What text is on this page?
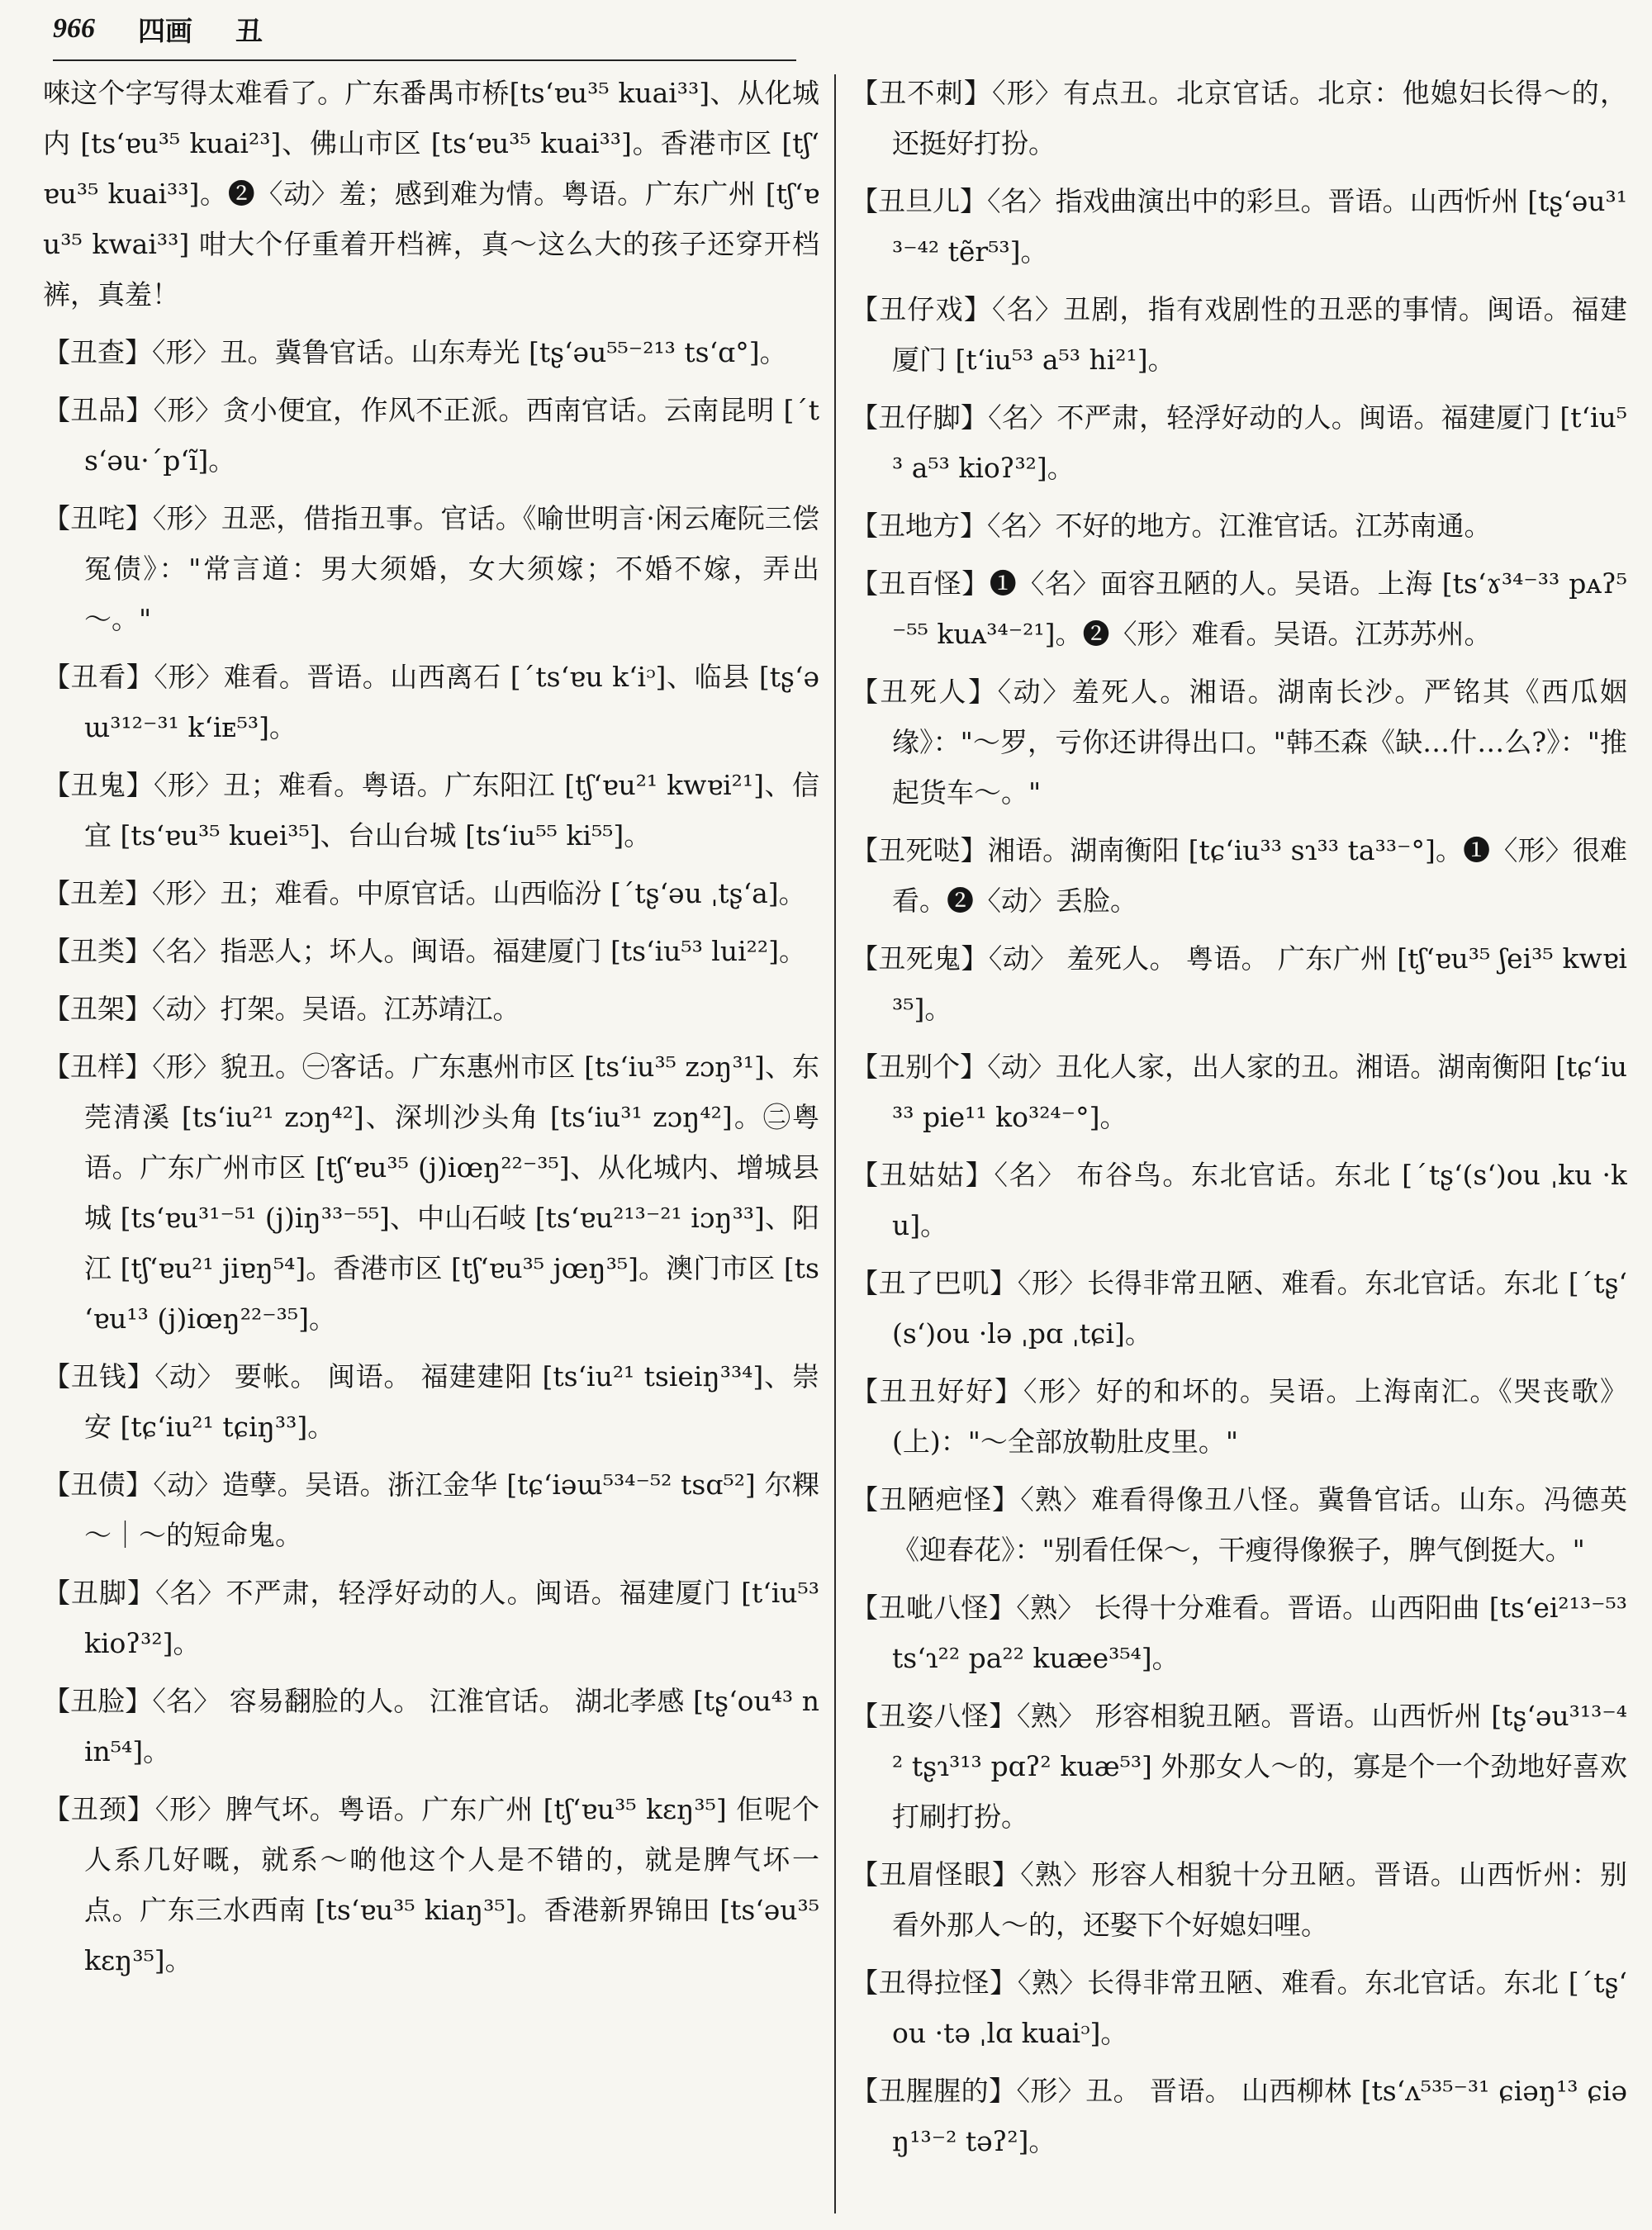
966 四画 丑

唻这个字写得太难看了。广东番禺市桥[tsʻɐu³⁵ kuai³³]、从化城内 [tsʻɐu³⁵ kuai²³]、佛山市区 [tsʻɐu³⁵ kuai³³]。香港市区 [tʃʻɐu³⁵ kuai³³]。❷〈动〉羞；感到难为情。粤语。广东广州 [tʃʻɐu³⁵ kwai³³] 咁大个仔重着开档裤，真～这么大的孩子还穿开档裤，真羞！

【丑查】〈形〉丑。冀鲁官话。山东寿光 [tʂʻəu⁵⁵⁻²¹³ tsʻɑ°]。

【丑品】〈形〉贪小便宜，作风不正派。西南官话。云南昆明 [ˊtsʻəu·ˊpʻĩ]。

【丑咤】〈形〉丑恶，借指丑事。官话。《喻世明言·闲云庵阮三偿冤债》："常言道：男大须婚，女大须嫁；不婚不嫁，弄出～。"

【丑看】〈形〉难看。晋语。山西离石 [ˊtsʻɐu kʻiᵓ]、临县 [tʂʻəɯ³¹²⁻³¹ kʻiᴇ⁵³]。

【丑鬼】〈形〉丑；难看。粤语。广东阳江 [tʃʻɐu²¹ kwɐi²¹]、信宜 [tsʻɐu³⁵ kuei³⁵]、台山台城 [tsʻiu⁵⁵ ki⁵⁵]。

【丑差】〈形〉丑；难看。中原官话。山西临汾 [ˊtʂʻəu ˌtʂʻa]。

【丑类】〈名〉指恶人；坏人。闽语。福建厦门 [tsʻiu⁵³ lui²²]。

【丑架】〈动〉打架。吴语。江苏靖江。

【丑样】〈形〉貌丑。㊀客话。广东惠州市区 [tsʻiu³⁵ zɔŋ³¹]、东莞清溪 [tsʻiu²¹ zɔŋ⁴²]、深圳沙头角 [tsʻiu³¹ zɔŋ⁴²]。㊁粤语。广东广州市区 [tʃʻɐu³⁵ (j)iœŋ²²⁻³⁵]、从化城内、增城县城 [tsʻɐu³¹⁻⁵¹ (j)iŋ³³⁻⁵⁵]、中山石岐 [tsʻɐu²¹³⁻²¹ iɔŋ³³]、阳江 [tʃʻɐu²¹ jiɐŋ⁵⁴]。香港市区 [tʃʻɐu³⁵ jœŋ³⁵]。澳门市区 [tsʻɐu¹³ (j)iœŋ²²⁻³⁵]。

【丑钱】〈动〉 要帐。 闽语。 福建建阳 [tsʻiu²¹ tsieiŋ³³⁴]、崇安 [tɕʻiu²¹ tɕiŋ³³]。

【丑债】〈动〉造孽。吴语。浙江金华 [tɕʻiəɯ⁵³⁴⁻⁵² tsɑ⁵²] 尔粿～｜～的短命鬼。

【丑脚】〈名〉不严肃，轻浮好动的人。闽语。福建厦门 [tʻiu⁵³ kioʔ³²]。

【丑脸】〈名〉 容易翻脸的人。 江淮官话。 湖北孝感 [tʂʻou⁴³ nin⁵⁴]。

【丑颈】〈形〉脾气坏。粤语。广东广州 [tʃʻɐu³⁵ kɛŋ³⁵] 佢呢个人系几好嘅，就系～啲他这个人是不错的，就是脾气坏一点。广东三水西南 [tsʻɐu³⁵ kiaŋ³⁵]。香港新界锦田 [tsʻəu³⁵ kɛŋ³⁵]。

【丑不刺】〈形〉有点丑。北京官话。北京：他媳妇长得～的，还挺好打扮。

【丑旦儿】〈名〉指戏曲演出中的彩旦。晋语。山西忻州 [tʂʻəu³¹³⁻⁴² tẽr⁵³]。

【丑仔戏】〈名〉丑剧，指有戏剧性的丑恶的事情。闽语。福建厦门 [tʻiu⁵³ a⁵³ hi²¹]。

【丑仔脚】〈名〉不严肃，轻浮好动的人。闽语。福建厦门 [tʻiu⁵³ a⁵³ kioʔ³²]。

【丑地方】〈名〉不好的地方。江淮官话。江苏南通。

【丑百怪】❶〈名〉面容丑陋的人。吴语。上海 [tsʻɤ³⁴⁻³³ pᴀʔ⁵⁻⁵⁵ kuᴀ³⁴⁻²¹]。❷〈形〉难看。吴语。江苏苏州。

【丑死人】〈动〉羞死人。湘语。湖南长沙。严铭其《西瓜姻缘》："～罗，亏你还讲得出口。"韩丕森《缺…什…么?》："推起货车～。"

【丑死哒】湘语。湖南衡阳 [tɕʻiu³³ sɿ³³ ta³³⁻°]。❶〈形〉很难看。❷〈动〉丢脸。

【丑死鬼】〈动〉 羞死人。 粤语。 广东广州 [tʃʻɐu³⁵ ʃei³⁵ kwɐi³⁵]。

【丑别个】〈动〉丑化人家，出人家的丑。湘语。湖南衡阳 [tɕʻiu³³ pie¹¹ ko³²⁴⁻°]。

【丑姑姑】〈名〉 布谷鸟。东北官话。东北 [ˊtʂʻ(sʻ)ou ˌku ·ku]。

【丑了巴叽】〈形〉长得非常丑陋、难看。东北官话。东北 [ˊtʂʻ(sʻ)ou ·lə ˌpɑ ˌtɕi]。

【丑丑好好】〈形〉好的和坏的。吴语。上海南汇。《哭丧歌》(上)："～全部放勒肚皮里。"

【丑陋疤怪】〈熟〉难看得像丑八怪。冀鲁官话。山东。冯德英《迎春花》："别看任保～，干瘦得像猴子，脾气倒挺大。"

【丑呲八怪】〈熟〉 长得十分难看。晋语。山西阳曲 [tsʻei²¹³⁻⁵³ tsʻɿ²² pa²² kuæe³⁵⁴]。

【丑姿八怪】〈熟〉 形容相貌丑陋。晋语。山西忻州 [tʂʻəu³¹³⁻⁴² tʂɿ³¹³ pɑʔ² kuæ⁵³] 外那女人～的，寡是个一个劲地好喜欢打刷打扮。

【丑眉怪眼】〈熟〉形容人相貌十分丑陋。晋语。山西忻州：别看外那人～的，还娶下个好媳妇哩。

【丑得拉怪】〈熟〉长得非常丑陋、难看。东北官话。东北 [ˊtʂʻou ·tə ˌlɑ kuaiᵓ]。

【丑腥腥的】〈形〉丑。 晋语。 山西柳林 [tsʻʌ⁵³⁵⁻³¹ ɕiəŋ¹³ ɕiəŋ¹³⁻² təʔ²]。
